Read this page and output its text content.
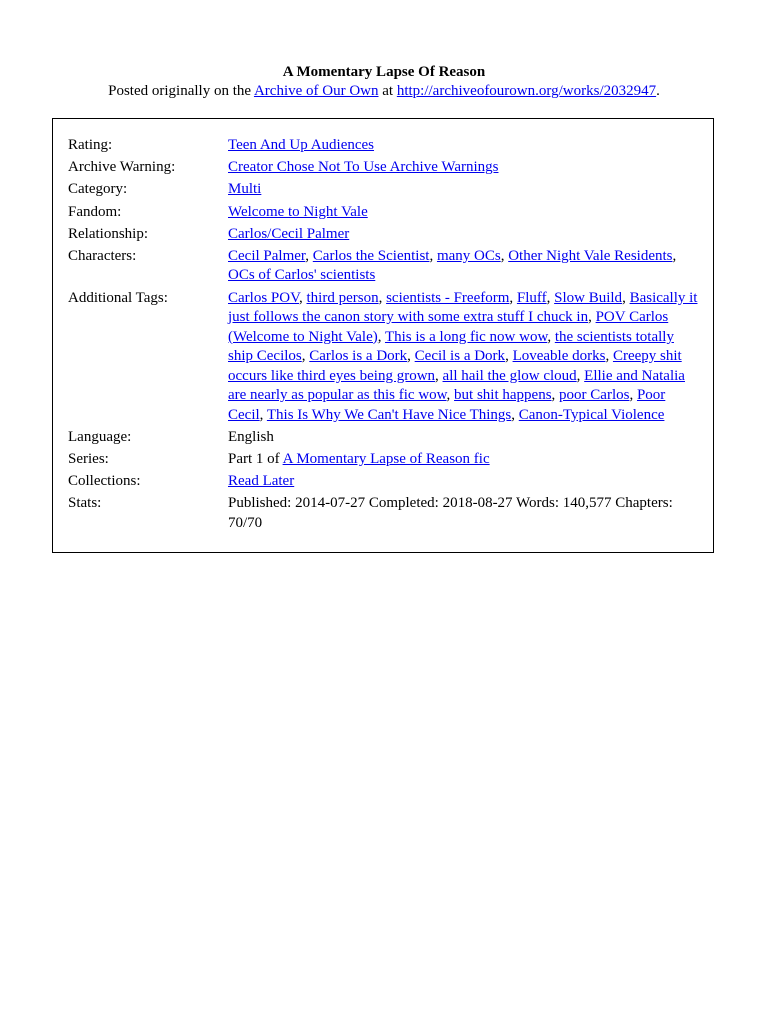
A Momentary Lapse Of Reason
Posted originally on the Archive of Our Own at http://archiveofourown.org/works/2032947.
Rating:	Teen And Up Audiences
Archive Warning:	Creator Chose Not To Use Archive Warnings
Category:	Multi
Fandom:	Welcome to Night Vale
Relationship:	Carlos/Cecil Palmer
Characters:	Cecil Palmer, Carlos the Scientist, many OCs, Other Night Vale Residents, OCs of Carlos' scientists
Additional Tags:	Carlos POV, third person, scientists - Freeform, Fluff, Slow Build, Basically it just follows the canon story with some extra stuff I chuck in, POV Carlos (Welcome to Night Vale), This is a long fic now wow, the scientists totally ship Cecilos, Carlos is a Dork, Cecil is a Dork, Loveable dorks, Creepy shit occurs like third eyes being grown, all hail the glow cloud, Ellie and Natalia are nearly as popular as this fic wow, but shit happens, poor Carlos, Poor Cecil, This Is Why We Can't Have Nice Things, Canon-Typical Violence
Language:	English
Series:	Part 1 of A Momentary Lapse of Reason fic
Collections:	Read Later
Stats:	Published: 2014-07-27 Completed: 2018-08-27 Words: 140,577 Chapters: 70/70
